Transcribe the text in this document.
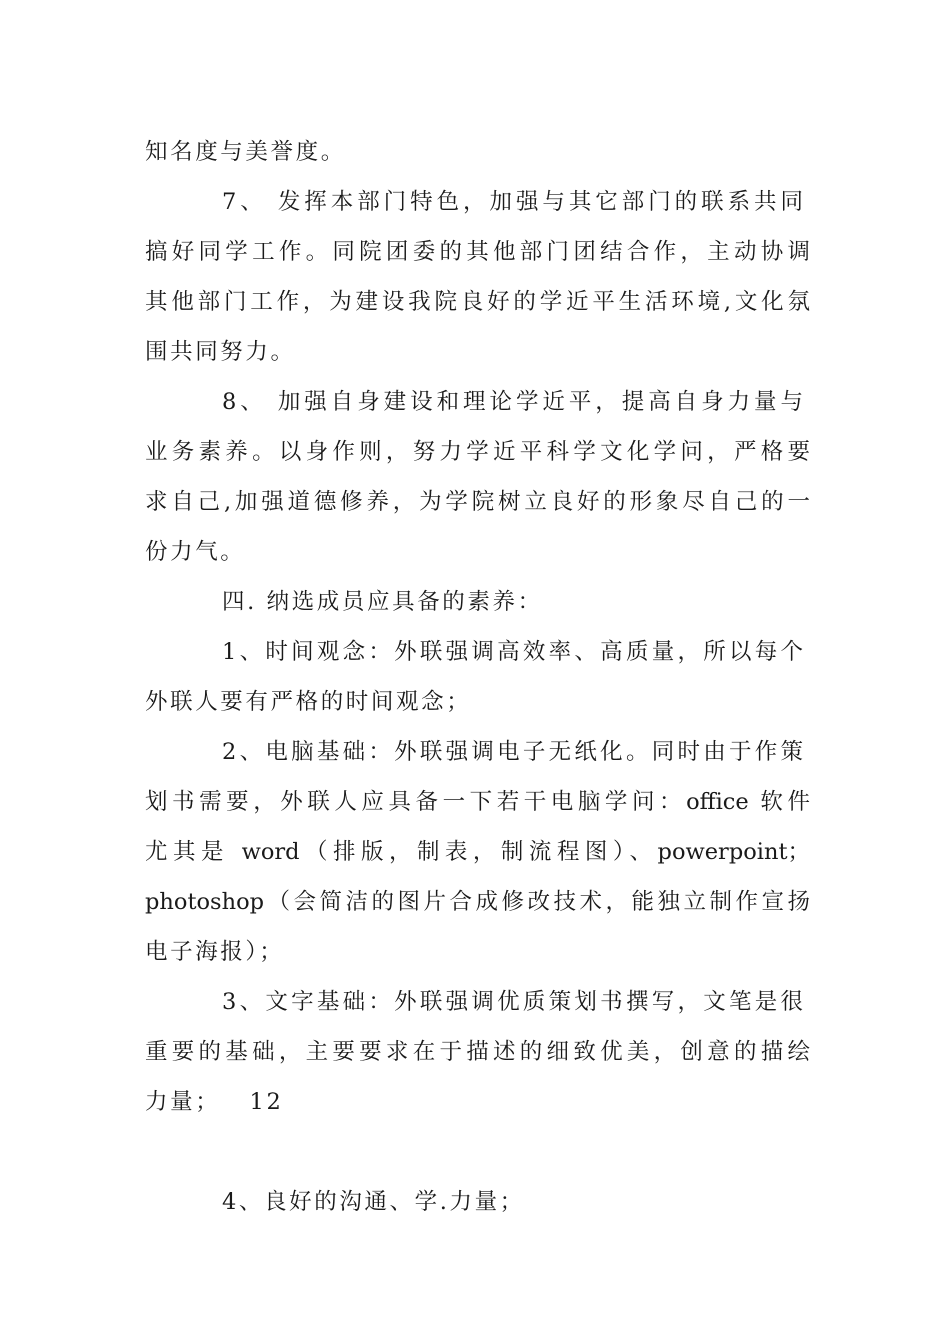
知名度与美誉度。
7、 发挥本部门特色，加强与其它部门的联系共同
搞好同学工作。同院团委的其他部门团结合作，主动协调
其他部门工作，为建设我院良好的学近平生活环境,文化氛
围共同努力。
8、 加强自身建设和理论学近平，提高自身力量与
业务素养。以身作则，努力学近平科学文化学问，严格要
求自己,加强道德修养，为学院树立良好的形象尽自己的一
份力气。
四. 纳选成员应具备的素养：
1、时间观念：外联强调高效率、高质量，所以每个
外联人要有严格的时间观念；
2、电脑基础：外联强调电子无纸化。同时由于作策
划书需要，外联人应具备一下若干电脑学问：office 软件
尤其是 word（排版，制表，制流程图）、powerpoint；
photoshop（会简洁的图片合成修改技术，能独立制作宣扬
电子海报）；
3、文字基础：外联强调优质策划书撰写，文笔是很
重要的基础，主要要求在于描述的细致优美，创意的描绘
力量；   12
4、良好的沟通、学.力量；
